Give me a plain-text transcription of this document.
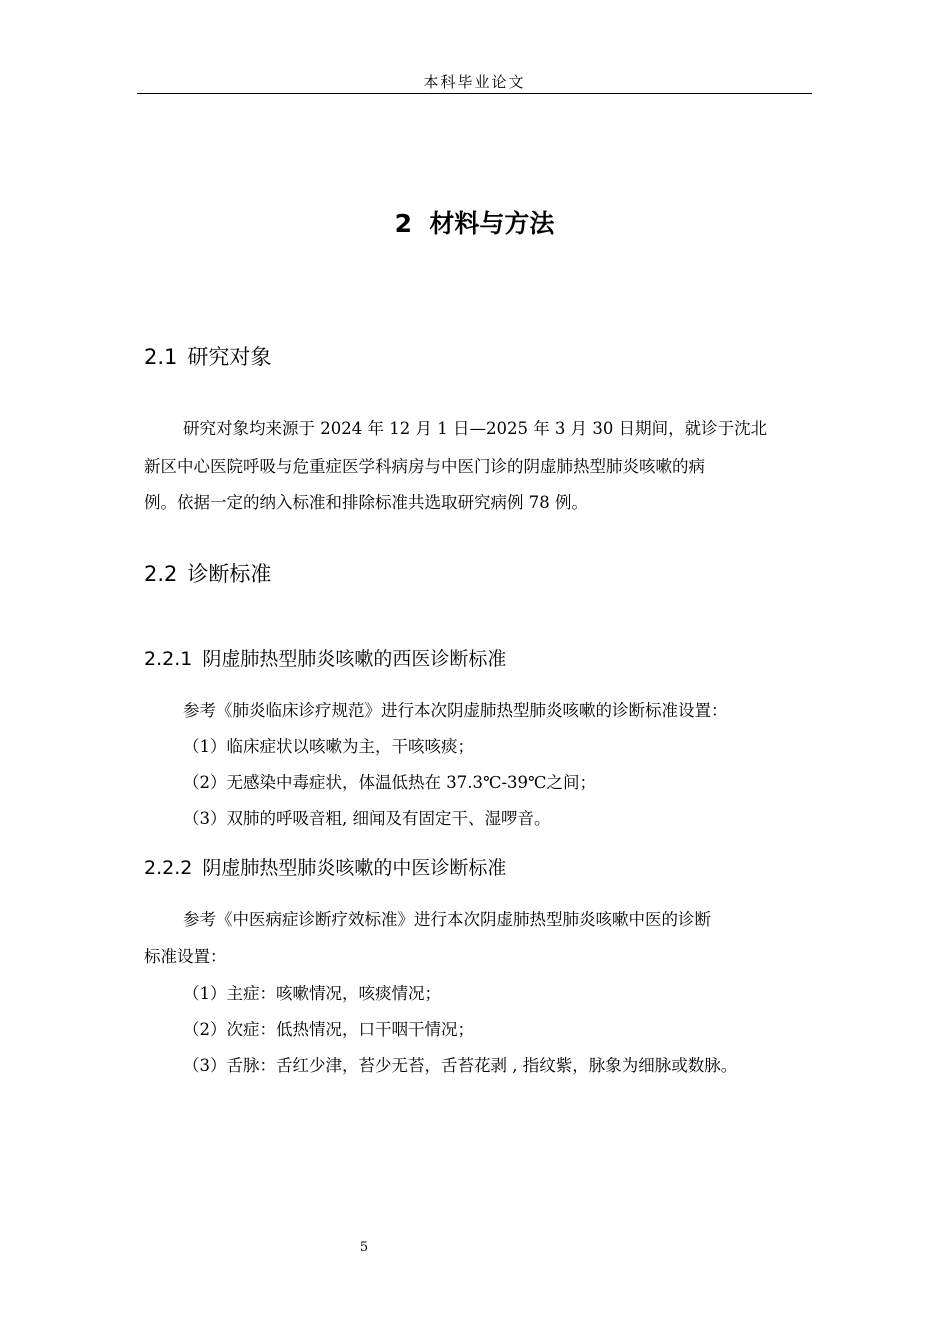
本科毕业论文
2 材料与方法
2.1 研究对象
研究对象均来源于 2024 年 12 月 1 日—2025 年 3 月 30 日期间，就诊于沈北
新区中心医院呼吸与危重症医学科病房与中医门诊的阴虚肺热型肺炎咳嗽的病
例。依据一定的纳入标准和排除标准共选取研究病例 78 例。
2.2 诊断标准
2.2.1 阴虚肺热型肺炎咳嗽的西医诊断标准
参考《肺炎临床诊疗规范》进行本次阴虚肺热型肺炎咳嗽的诊断标准设置：
（1）临床症状以咳嗽为主，干咳咳痰；
（2）无感染中毒症状，体温低热在 37.3℃-39℃之间；
（3）双肺的呼吸音粗, 细闻及有固定干、湿啰音。
2.2.2 阴虚肺热型肺炎咳嗽的中医诊断标准
参考《中医病症诊断疗效标准》进行本次阴虚肺热型肺炎咳嗽中医的诊断
标准设置：
（1）主症：咳嗽情况，咳痰情况；
（2）次症：低热情况，口干咽干情况；
（3）舌脉：舌红少津，苔少无苔，舌苔花剥 , 指纹紫，脉象为细脉或数脉。
5
